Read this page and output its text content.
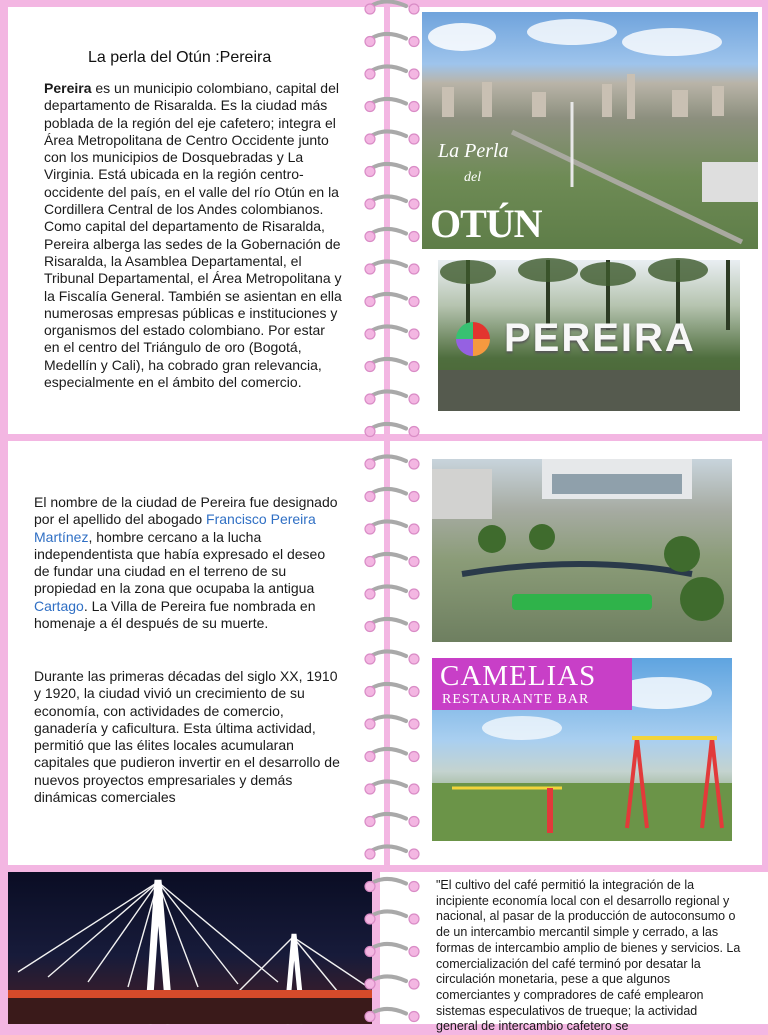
La perla del Otún :Pereira

Pereira es un municipio colombiano, capital del departamento de Risaralda. Es la ciudad más poblada de la región del eje cafetero; integra el Área Metropolitana de Centro Occidente junto con los municipios de Dosquebradas y La Virginia. Está ubicada en la región centro-occidente del país, en el valle del río Otún en la Cordillera Central de los Andes colombianos.

Como capital del departamento de Risaralda, Pereira alberga las sedes de la Gobernación de Risaralda, la Asamblea Departamental, el Tribunal Departamental, el Área Metropolitana y la Fiscalía General. También se asientan en ella numerosas empresas públicas e instituciones y organismos del estado colombiano. Por estar en el centro del Triángulo de oro (Bogotá, Medellín y Cali), ha cobrado gran relevancia, especialmente en el ámbito del comercio.

La Perla
del
OTÚN
PEREIRA
El nombre de la ciudad de Pereira fue designado por el apellido del abogado Francisco Pereira Martínez, hombre cercano a la lucha independentista que había expresado el deseo de fundar una ciudad en el terreno de su propiedad en la zona que ocupaba la antigua Cartago. La Villa de Pereira fue nombrada en homenaje a él después de su muerte.
Durante las primeras décadas del siglo XX, 1910 y 1920, la ciudad vivió un crecimiento de su economía, con actividades de comercio, ganadería y caficultura. Esta última actividad, permitió que las élites locales acumularan capitales que pudieron invertir en el desarrollo de nuevos proyectos empresariales y demás dinámicas comerciales
CAMELIAS
RESTAURANTE BAR
"El cultivo del café permitió la integración de la incipiente economía local con el desarrollo regional y nacional, al pasar de la producción de autoconsumo o de un intercambio mercantil simple y cerrado, a las formas de intercambio amplio de bienes y servicios. La comercialización del café terminó por desatar la circulación monetaria, pese a que algunos comerciantes y compradores de café emplearon sistemas especulativos de trueque; la actividad general de intercambio cafetero se
